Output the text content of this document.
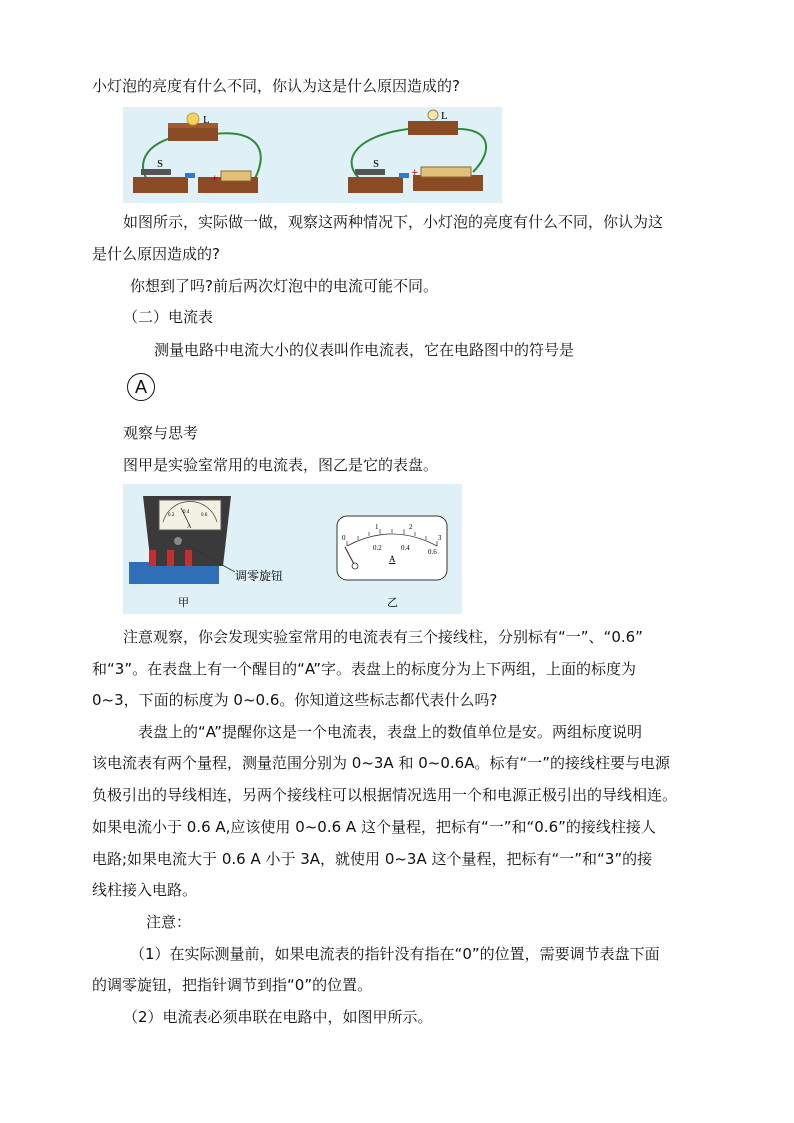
小灯泡的亮度有什么不同，你认为这是什么原因造成的?
L
S
+
L
S
+
如图所示，实际做一做，观察这两种情况下，小灯泡的亮度有什么不同，你认为这
是什么原因造成的?
你想到了吗?前后两次灯泡中的电流可能不同。
（二）电流表
测量电路中电流大小的仪表叫作电流表，它在电路图中的符号是
A
观察与思考
图甲是实验室常用的电流表，图乙是它的表盘。
A
0.2
0.4
0.6
调零旋钮
甲
0
1	2
3
0.2	0.4	0.6
A
乙
注意观察，你会发现实验室常用的电流表有三个接线柱，分别标有“一”、“0.6”
和“3”。在表盘上有一个醒目的“A”字。表盘上的标度分为上下两组，上面的标度为
0~3，下面的标度为 0~0.6。你知道这些标志都代表什么吗?
表盘上的“A”提醒你这是一个电流表，表盘上的数值单位是安。两组标度说明
该电流表有两个量程，测量范围分别为 0~3A 和 0~0.6A。标有“一”的接线柱要与电源
负极引出的导线相连，另两个接线柱可以根据情况选用一个和电源正极引出的导线相连。
如果电流小于 0.6 A,应该使用 0~0.6 A 这个量程，把标有“一”和“0.6”的接线柱接人
电路;如果电流大于 0.6 A 小于 3A，就使用 0~3A 这个量程，把标有“一”和“3”的接
线柱接入电路。
注意：
（1）在实际测量前，如果电流表的指针没有指在“0”的位置，需要调节表盘下面
的调零旋钮，把指针调节到指“0”的位置。
（2）电流表必须串联在电路中，如图甲所示。
